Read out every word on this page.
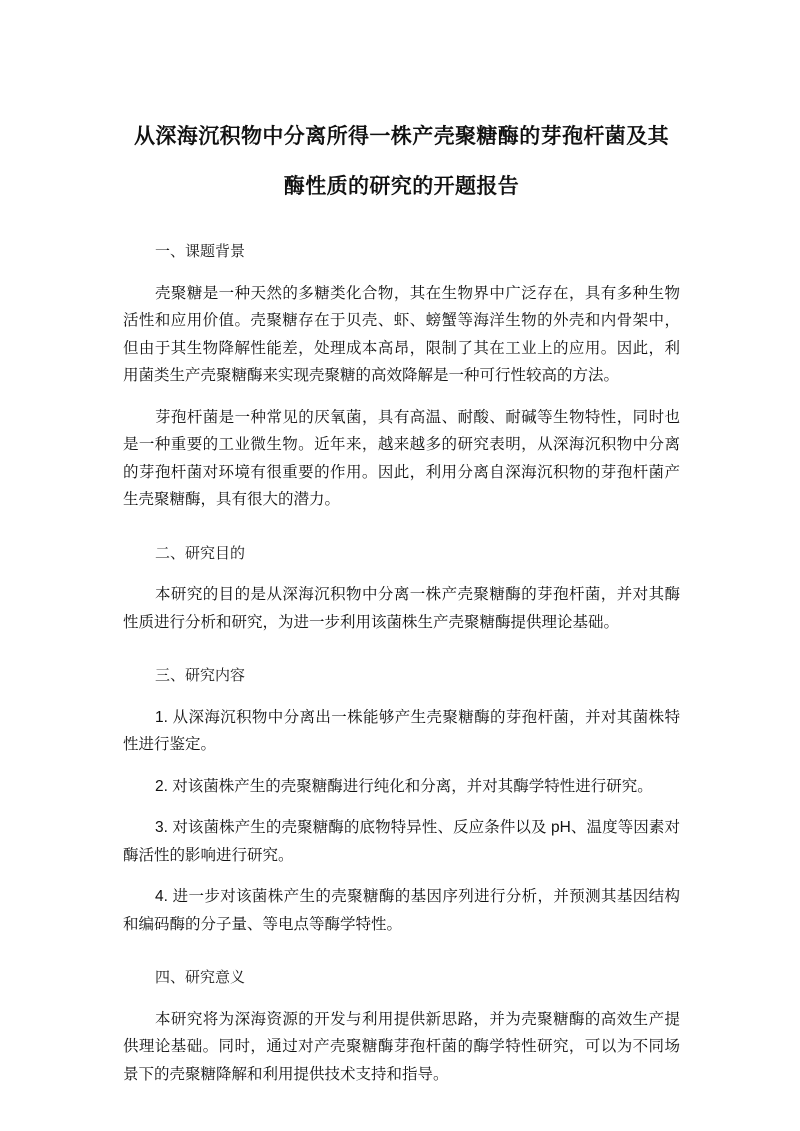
从深海沉积物中分离所得一株产壳聚糖酶的芽孢杆菌及其
酶性质的研究的开题报告
一、课题背景

壳聚糖是一种天然的多糖类化合物，其在生物界中广泛存在，具有多种生物活性和应用价值。壳聚糖存在于贝壳、虾、螃蟹等海洋生物的外壳和内骨架中，但由于其生物降解性能差，处理成本高昂，限制了其在工业上的应用。因此，利用菌类生产壳聚糖酶来实现壳聚糖的高效降解是一种可行性较高的方法。

芽孢杆菌是一种常见的厌氧菌，具有高温、耐酸、耐碱等生物特性，同时也是一种重要的工业微生物。近年来，越来越多的研究表明，从深海沉积物中分离的芽孢杆菌对环境有很重要的作用。因此，利用分离自深海沉积物的芽孢杆菌产生壳聚糖酶，具有很大的潜力。

二、研究目的

本研究的目的是从深海沉积物中分离一株产壳聚糖酶的芽孢杆菌，并对其酶性质进行分析和研究，为进一步利用该菌株生产壳聚糖酶提供理论基础。

三、研究内容

1. 从深海沉积物中分离出一株能够产生壳聚糖酶的芽孢杆菌，并对其菌株特性进行鉴定。

2. 对该菌株产生的壳聚糖酶进行纯化和分离，并对其酶学特性进行研究。

3. 对该菌株产生的壳聚糖酶的底物特异性、反应条件以及 pH、温度等因素对酶活性的影响进行研究。

4. 进一步对该菌株产生的壳聚糖酶的基因序列进行分析，并预测其基因结构和编码酶的分子量、等电点等酶学特性。

四、研究意义

本研究将为深海资源的开发与利用提供新思路，并为壳聚糖酶的高效生产提供理论基础。同时，通过对产壳聚糖酶芽孢杆菌的酶学特性研究，可以为不同场景下的壳聚糖降解和利用提供技术支持和指导。
